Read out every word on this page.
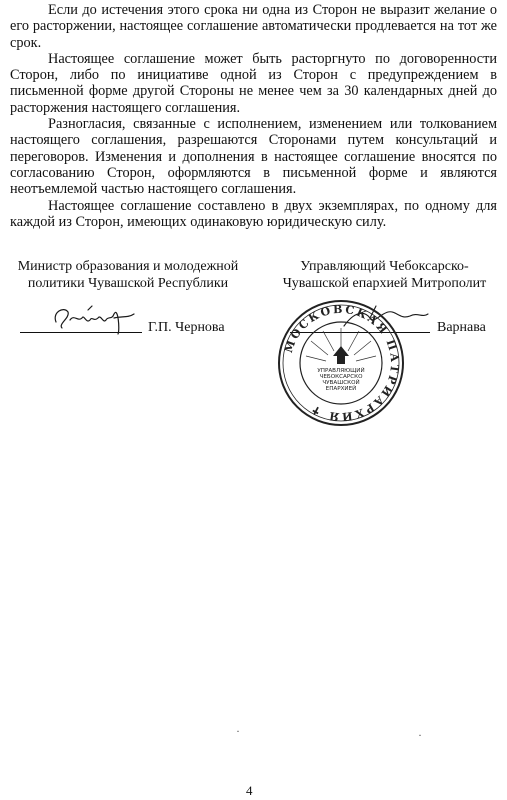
Если до истечения этого срока ни одна из Сторон не выразит желание о его расторжении, настоящее соглашение автоматически продлевается на тот же срок.

Настоящее соглашение может быть расторгнуто по договоренности Сторон, либо по инициативе одной из Сторон с предупреждением в письменной форме другой Стороны не менее чем за 30 календарных дней до расторжения настоящего соглашения.

Разногласия, связанные с исполнением, изменением или толкованием настоящего соглашения, разрешаются Сторонами путем консультаций и переговоров. Изменения и дополнения в настоящее соглашение вносятся по согласованию Сторон, оформляются в письменной форме и являются неотъемлемой частью настоящего соглашения.

Настоящее соглашение составлено в двух экземплярах, по одному для каждой из Сторон, имеющих одинаковую юридическую силу.

Министр образования и молодежной
политики Чувашской Республики
Управляющий Чебоксарско-
Чувашской епархией Митрополит
Г.П. Чернова	Варнава
МОСКОВСКАЯ ПАТРИАРХИЯ ✝
УПРАВЛЯЮЩИЙ
ЧЕБОКСАРСКО
ЧУВАШСКОЙ
ЕПАРХИЕЙ
·	·
4
